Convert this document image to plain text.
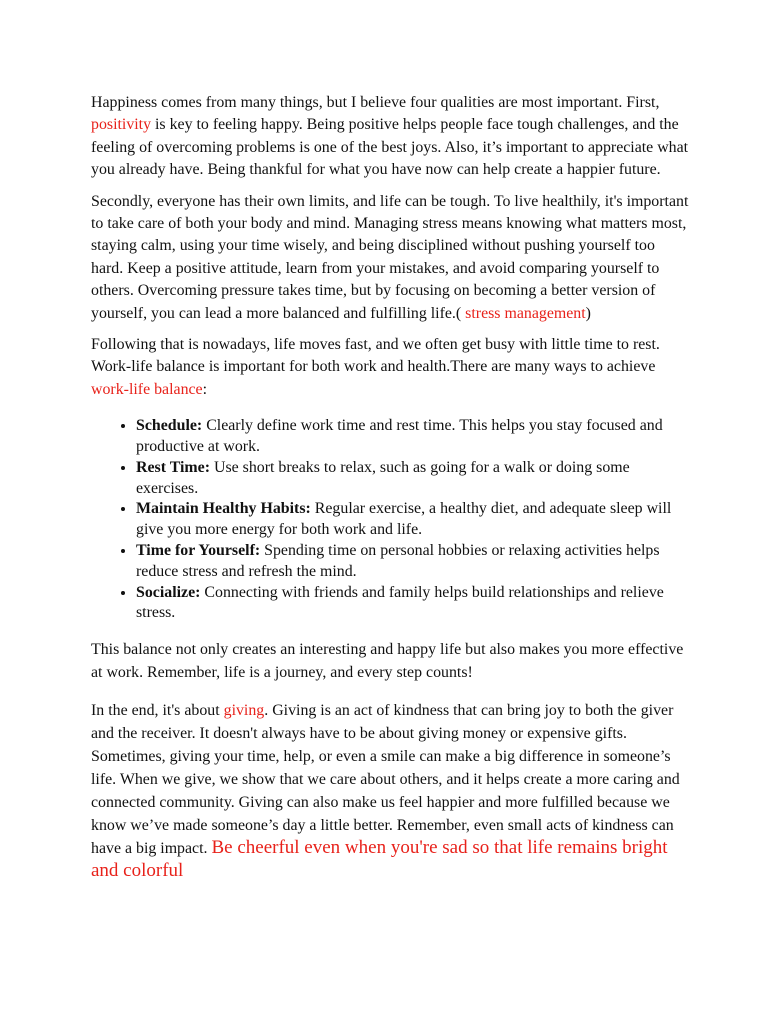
Happiness comes from many things, but I believe four qualities are most important. First, positivity is key to feeling happy. Being positive helps people face tough challenges, and the feeling of overcoming problems is one of the best joys. Also, it’s important to appreciate what you already have. Being thankful for what you have now can help create a happier future.

Secondly, everyone has their own limits, and life can be tough. To live healthily, it's important to take care of both your body and mind. Managing stress means knowing what matters most, staying calm, using your time wisely, and being disciplined without pushing yourself too hard. Keep a positive attitude, learn from your mistakes, and avoid comparing yourself to others. Overcoming pressure takes time, but by focusing on becoming a better version of yourself, you can lead a more balanced and fulfilling life.( stress management)

Following that is nowadays, life moves fast, and we often get busy with little time to rest. Work-life balance is important for both work and health.There are many ways to achieve work-life balance:

• Schedule: Clearly define work time and rest time. This helps you stay focused and productive at work.
• Rest Time: Use short breaks to relax, such as going for a walk or doing some exercises.
• Maintain Healthy Habits: Regular exercise, a healthy diet, and adequate sleep will give you more energy for both work and life.
• Time for Yourself: Spending time on personal hobbies or relaxing activities helps reduce stress and refresh the mind.
• Socialize: Connecting with friends and family helps build relationships and relieve stress.

This balance not only creates an interesting and happy life but also makes you more effective at work. Remember, life is a journey, and every step counts!

In the end, it's about giving. Giving is an act of kindness that can bring joy to both the giver and the receiver. It doesn't always have to be about giving money or expensive gifts. Sometimes, giving your time, help, or even a smile can make a big difference in someone’s life. When we give, we show that we care about others, and it helps create a more caring and connected community. Giving can also make us feel happier and more fulfilled because we know we’ve made someone’s day a little better. Remember, even small acts of kindness can have a big impact. Be cheerful even when you're sad so that life remains bright and colorful
